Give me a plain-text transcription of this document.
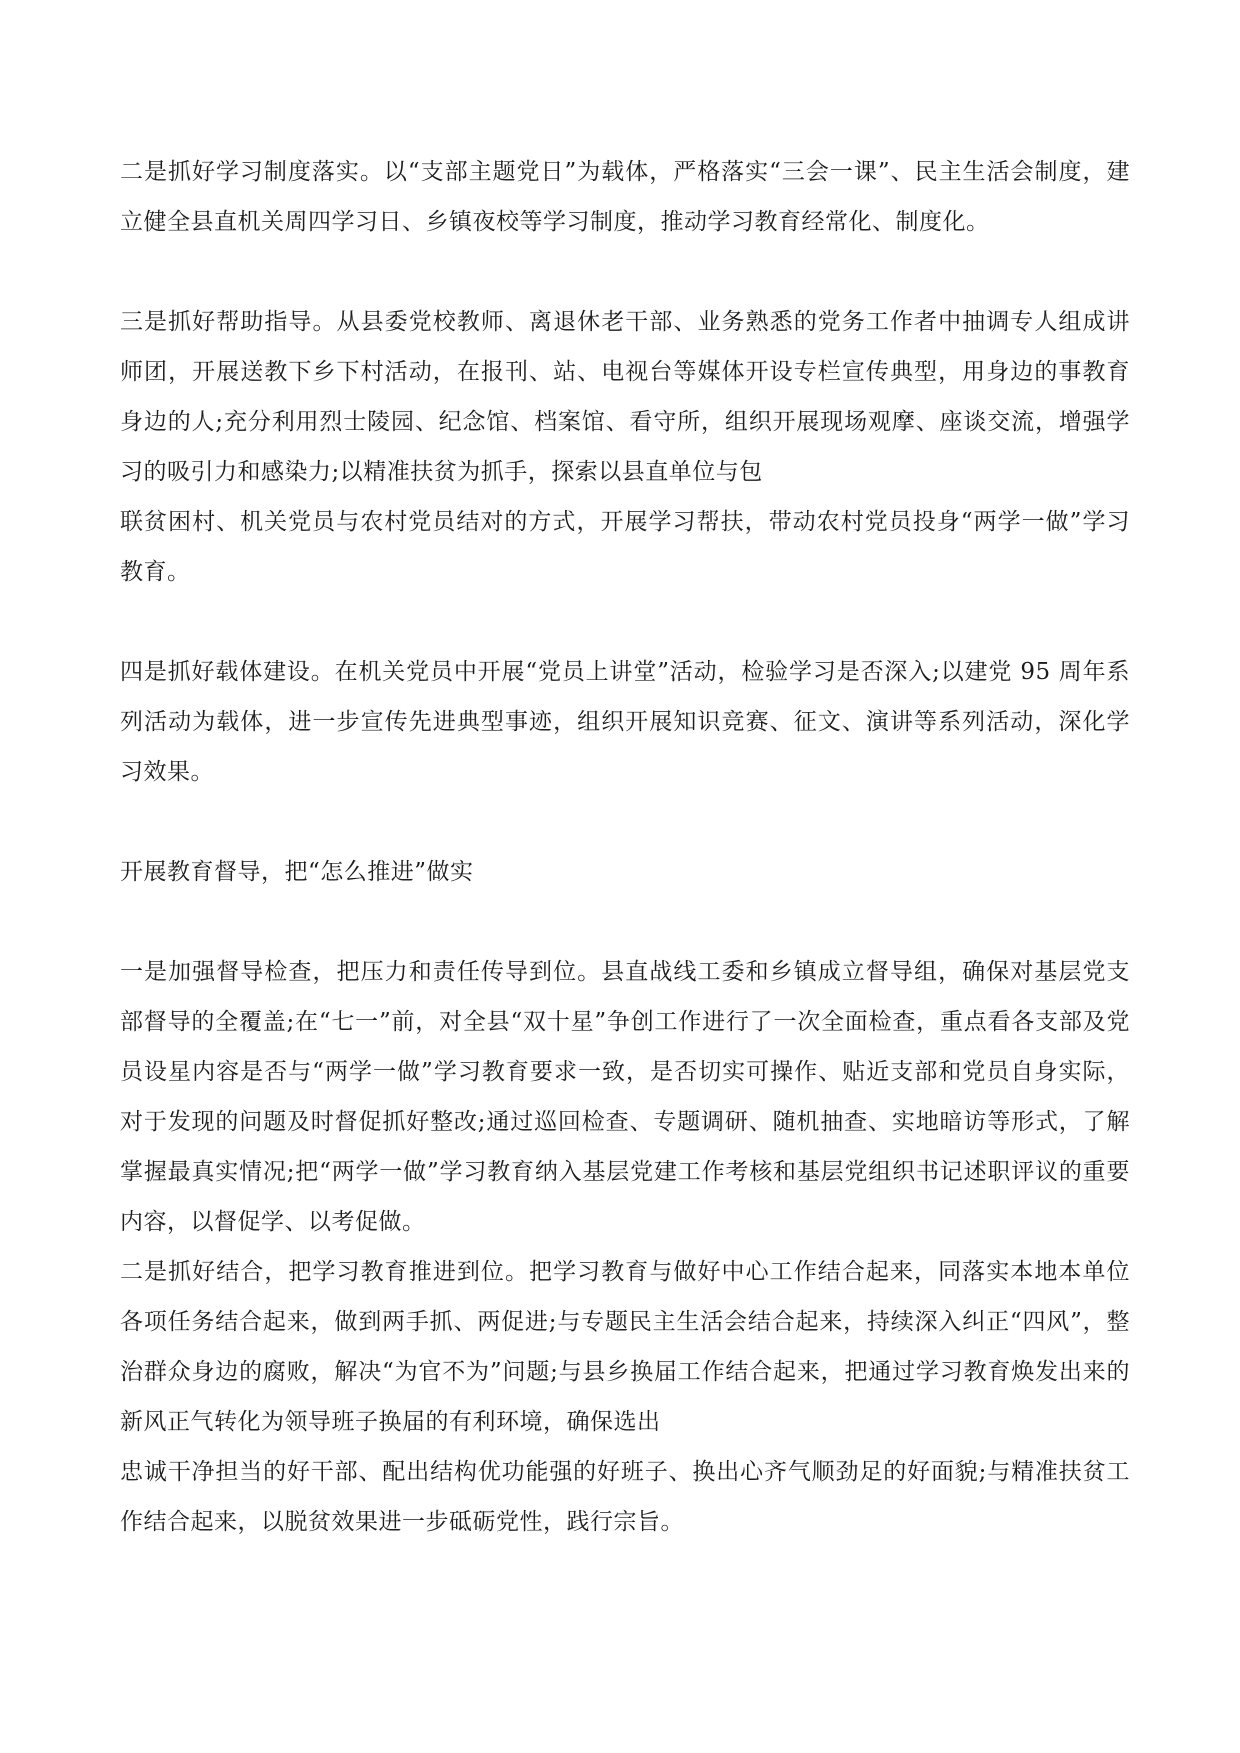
二是抓好学习制度落实。以“支部主题党日”为载体，严格落实“三会一课”、民主生活会制度，建立健全县直机关周四学习日、乡镇夜校等学习制度，推动学习教育经常化、制度化。

三是抓好帮助指导。从县委党校教师、离退休老干部、业务熟悉的党务工作者中抽调专人组成讲师团，开展送教下乡下村活动，在报刊、站、电视台等媒体开设专栏宣传典型，用身边的事教育身边的人;充分利用烈士陵园、纪念馆、档案馆、看守所，组织开展现场观摩、座谈交流，增强学习的吸引力和感染力;以精准扶贫为抓手，探索以县直单位与包

联贫困村、机关党员与农村党员结对的方式，开展学习帮扶，带动农村党员投身“两学一做”学习教育。

四是抓好载体建设。在机关党员中开展“党员上讲堂”活动，检验学习是否深入;以建党 95 周年系列活动为载体，进一步宣传先进典型事迹，组织开展知识竞赛、征文、演讲等系列活动，深化学习效果。

开展教育督导，把“怎么推进”做实

一是加强督导检查，把压力和责任传导到位。县直战线工委和乡镇成立督导组，确保对基层党支部督导的全覆盖;在“七一”前，对全县“双十星”争创工作进行了一次全面检查，重点看各支部及党员设星内容是否与“两学一做”学习教育要求一致，是否切实可操作、贴近支部和党员自身实际，对于发现的问题及时督促抓好整改;通过巡回检查、专题调研、随机抽查、实地暗访等形式，了解掌握最真实情况;把“两学一做”学习教育纳入基层党建工作考核和基层党组织书记述职评议的重要内容，以督促学、以考促做。

二是抓好结合，把学习教育推进到位。把学习教育与做好中心工作结合起来，同落实本地本单位各项任务结合起来，做到两手抓、两促进;与专题民主生活会结合起来，持续深入纠正“四风”，整治群众身边的腐败，解决“为官不为”问题;与县乡换届工作结合起来，把通过学习教育焕发出来的新风正气转化为领导班子换届的有利环境，确保选出

忠诚干净担当的好干部、配出结构优功能强的好班子、换出心齐气顺劲足的好面貌;与精准扶贫工作结合起来，以脱贫效果进一步砥砺党性，践行宗旨。
